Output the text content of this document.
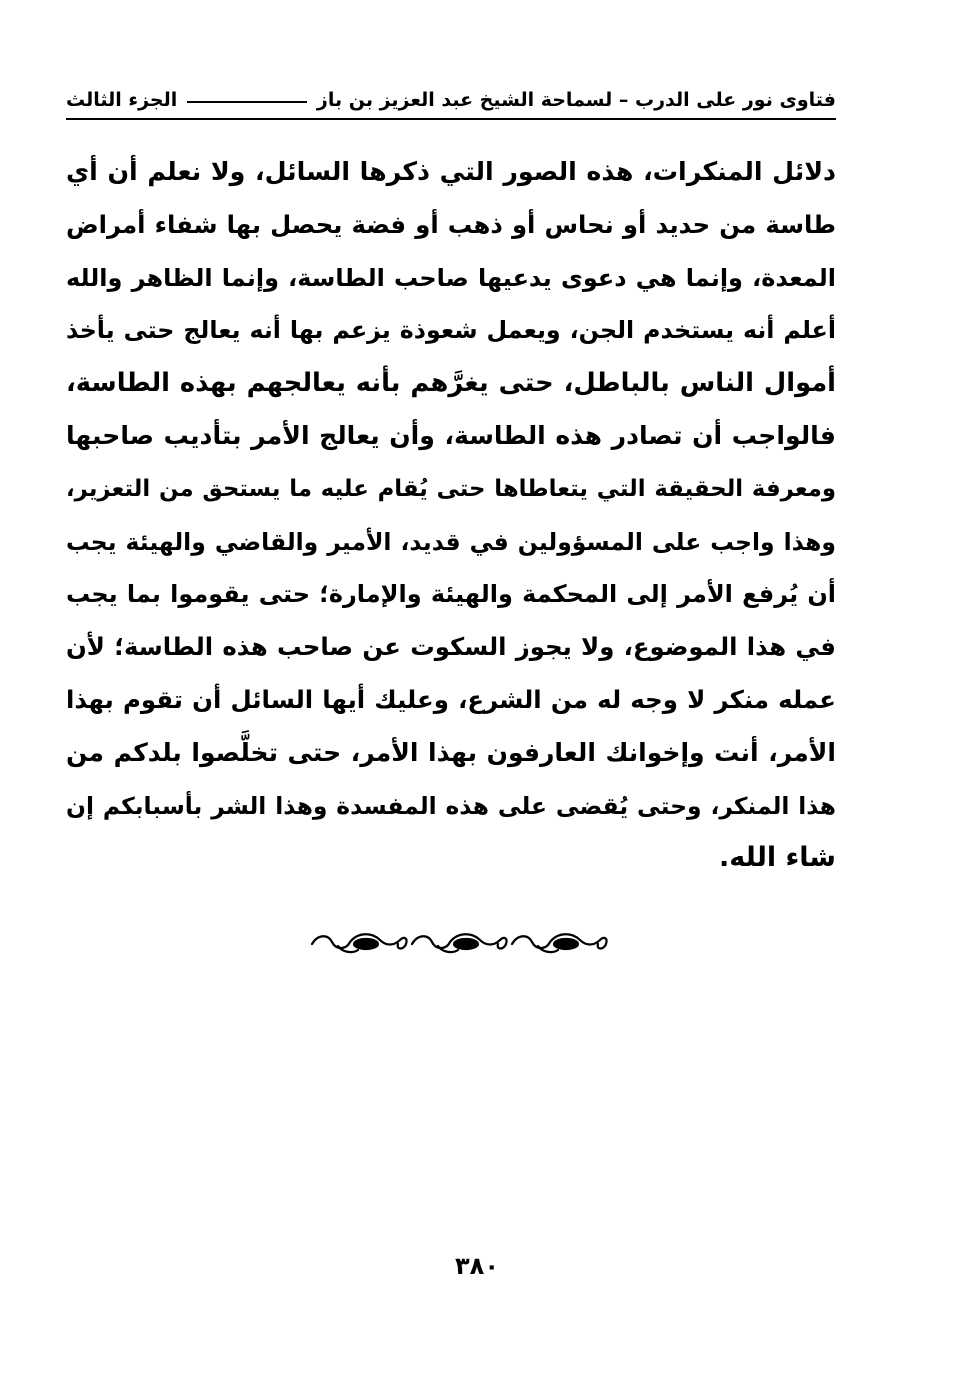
فتاوى نور على الدرب – لسماحة الشيخ عبد العزيز بن باز
الجزء الثالث
دلائل المنكرات، هذه الصور التي ذكرها السائل، ولا نعلم أن أي
طاسة من حديد أو نحاس أو ذهب أو فضة يحصل بها شفاء أمراض
المعدة، وإنما هي دعوى يدعيها صاحب الطاسة، وإنما الظاهر والله
أعلم أنه يستخدم الجن، ويعمل شعوذة يزعم بها أنه يعالج حتى يأخذ
أموال الناس بالباطل، حتى يغرَّهم بأنه يعالجهم بهذه الطاسة،
فالواجب أن تصادر هذه الطاسة، وأن يعالج الأمر بتأديب صاحبها
ومعرفة الحقيقة التي يتعاطاها حتى يُقام عليه ما يستحق من التعزير،
وهذا واجب على المسؤولين في قديد، الأمير والقاضي والهيئة يجب
أن يُرفع الأمر إلى المحكمة والهيئة والإمارة؛ حتى يقوموا بما يجب
في هذا الموضوع، ولا يجوز السكوت عن صاحب هذه الطاسة؛ لأن
عمله منكر لا وجه له من الشرع، وعليك أيها السائل أن تقوم بهذا
الأمر، أنت وإخوانك العارفون بهذا الأمر، حتى تخلَّصوا بلدكم من
هذا المنكر، وحتى يُقضى على هذه المفسدة وهذا الشر بأسبابكم إن
شاء الله.
٣٨٠
